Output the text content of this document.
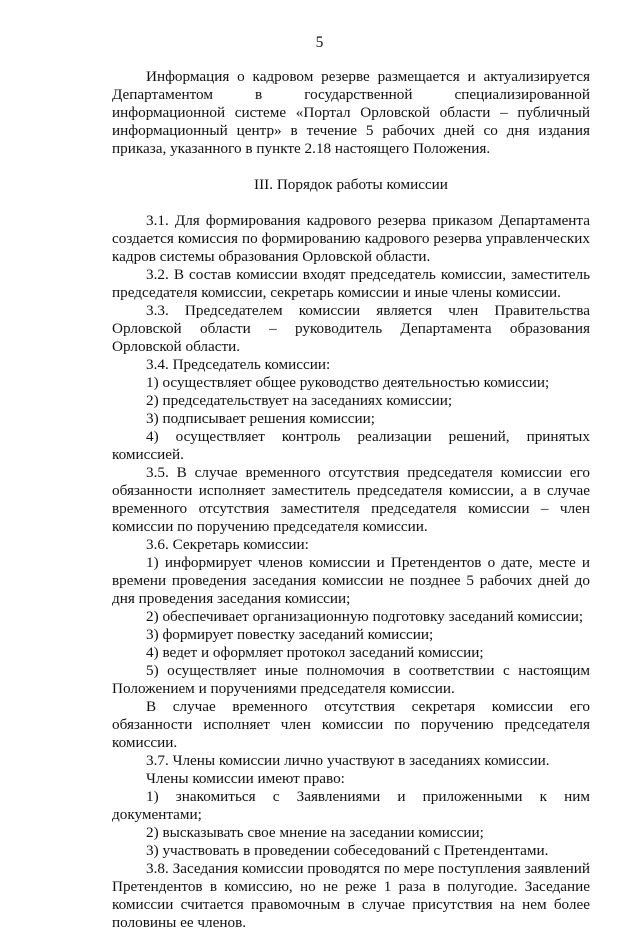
5

Информация о кадровом резерве размещается и актуализируется Департаментом в государственной специализированной информационной системе «Портал Орловской области – публичный информационный центр» в течение 5 рабочих дней со дня издания приказа, указанного в пункте 2.18 настоящего Положения.

III. Порядок работы комиссии

3.1. Для формирования кадрового резерва приказом Департамента создается комиссия по формированию кадрового резерва управленческих кадров системы образования Орловской области.

3.2. В состав комиссии входят председатель комиссии, заместитель председателя комиссии, секретарь комиссии и иные члены комиссии.

3.3. Председателем комиссии является член Правительства Орловской области – руководитель Департамента образования Орловской области.

3.4. Председатель комиссии:

1) осуществляет общее руководство деятельностью комиссии;

2) председательствует на заседаниях комиссии;

3) подписывает решения комиссии;

4) осуществляет контроль реализации решений, принятых комиссией.

3.5. В случае временного отсутствия председателя комиссии его обязанности исполняет заместитель председателя комиссии, а в случае временного отсутствия заместителя председателя комиссии – член комиссии по поручению председателя комиссии.

3.6. Секретарь комиссии:

1) информирует членов комиссии и Претендентов о дате, месте и времени проведения заседания комиссии не позднее 5 рабочих дней до дня проведения заседания комиссии;

2) обеспечивает организационную подготовку заседаний комиссии;

3) формирует повестку заседаний комиссии;

4) ведет и оформляет протокол заседаний комиссии;

5) осуществляет иные полномочия в соответствии с настоящим Положением и поручениями председателя комиссии.

В случае временного отсутствия секретаря комиссии его обязанности исполняет член комиссии по поручению председателя комиссии.

3.7. Члены комиссии лично участвуют в заседаниях комиссии.

Члены комиссии имеют право:

1) знакомиться с Заявлениями и приложенными к ним документами;

2) высказывать свое мнение на заседании комиссии;

3) участвовать в проведении собеседований с Претендентами.

3.8. Заседания комиссии проводятся по мере поступления заявлений Претендентов в комиссию, но не реже 1 раза в полугодие. Заседание комиссии считается правомочным в случае присутствия на нем более половины ее членов.
